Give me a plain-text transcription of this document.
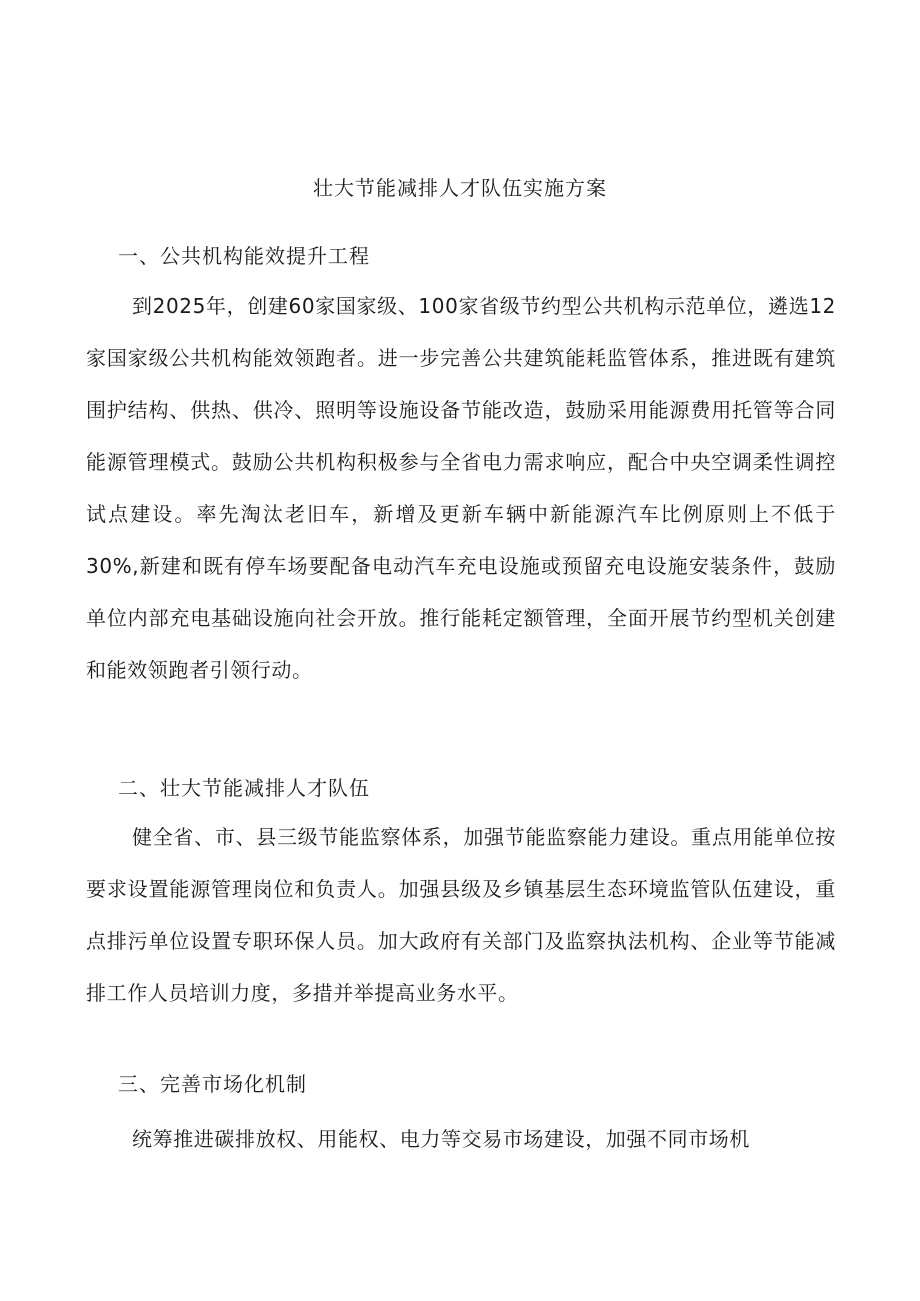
壮大节能减排人才队伍实施方案
一、公共机构能效提升工程

到2025年，创建60家国家级、100家省级节约型公共机构示范单位，遴选12家国家级公共机构能效领跑者。进一步完善公共建筑能耗监管体系，推进既有建筑围护结构、供热、供冷、照明等设施设备节能改造，鼓励采用能源费用托管等合同能源管理模式。鼓励公共机构积极参与全省电力需求响应，配合中央空调柔性调控试点建设。率先淘汰老旧车，新增及更新车辆中新能源汽车比例原则上不低于30%,新建和既有停车场要配备电动汽车充电设施或预留充电设施安装条件，鼓励单位内部充电基础设施向社会开放。推行能耗定额管理，全面开展节约型机关创建和能效领跑者引领行动。

二、壮大节能减排人才队伍

健全省、市、县三级节能监察体系，加强节能监察能力建设。重点用能单位按要求设置能源管理岗位和负责人。加强县级及乡镇基层生态环境监管队伍建设，重点排污单位设置专职环保人员。加大政府有关部门及监察执法机构、企业等节能减排工作人员培训力度，多措并举提高业务水平。

三、完善市场化机制

统筹推进碳排放权、用能权、电力等交易市场建设，加强不同市场机
